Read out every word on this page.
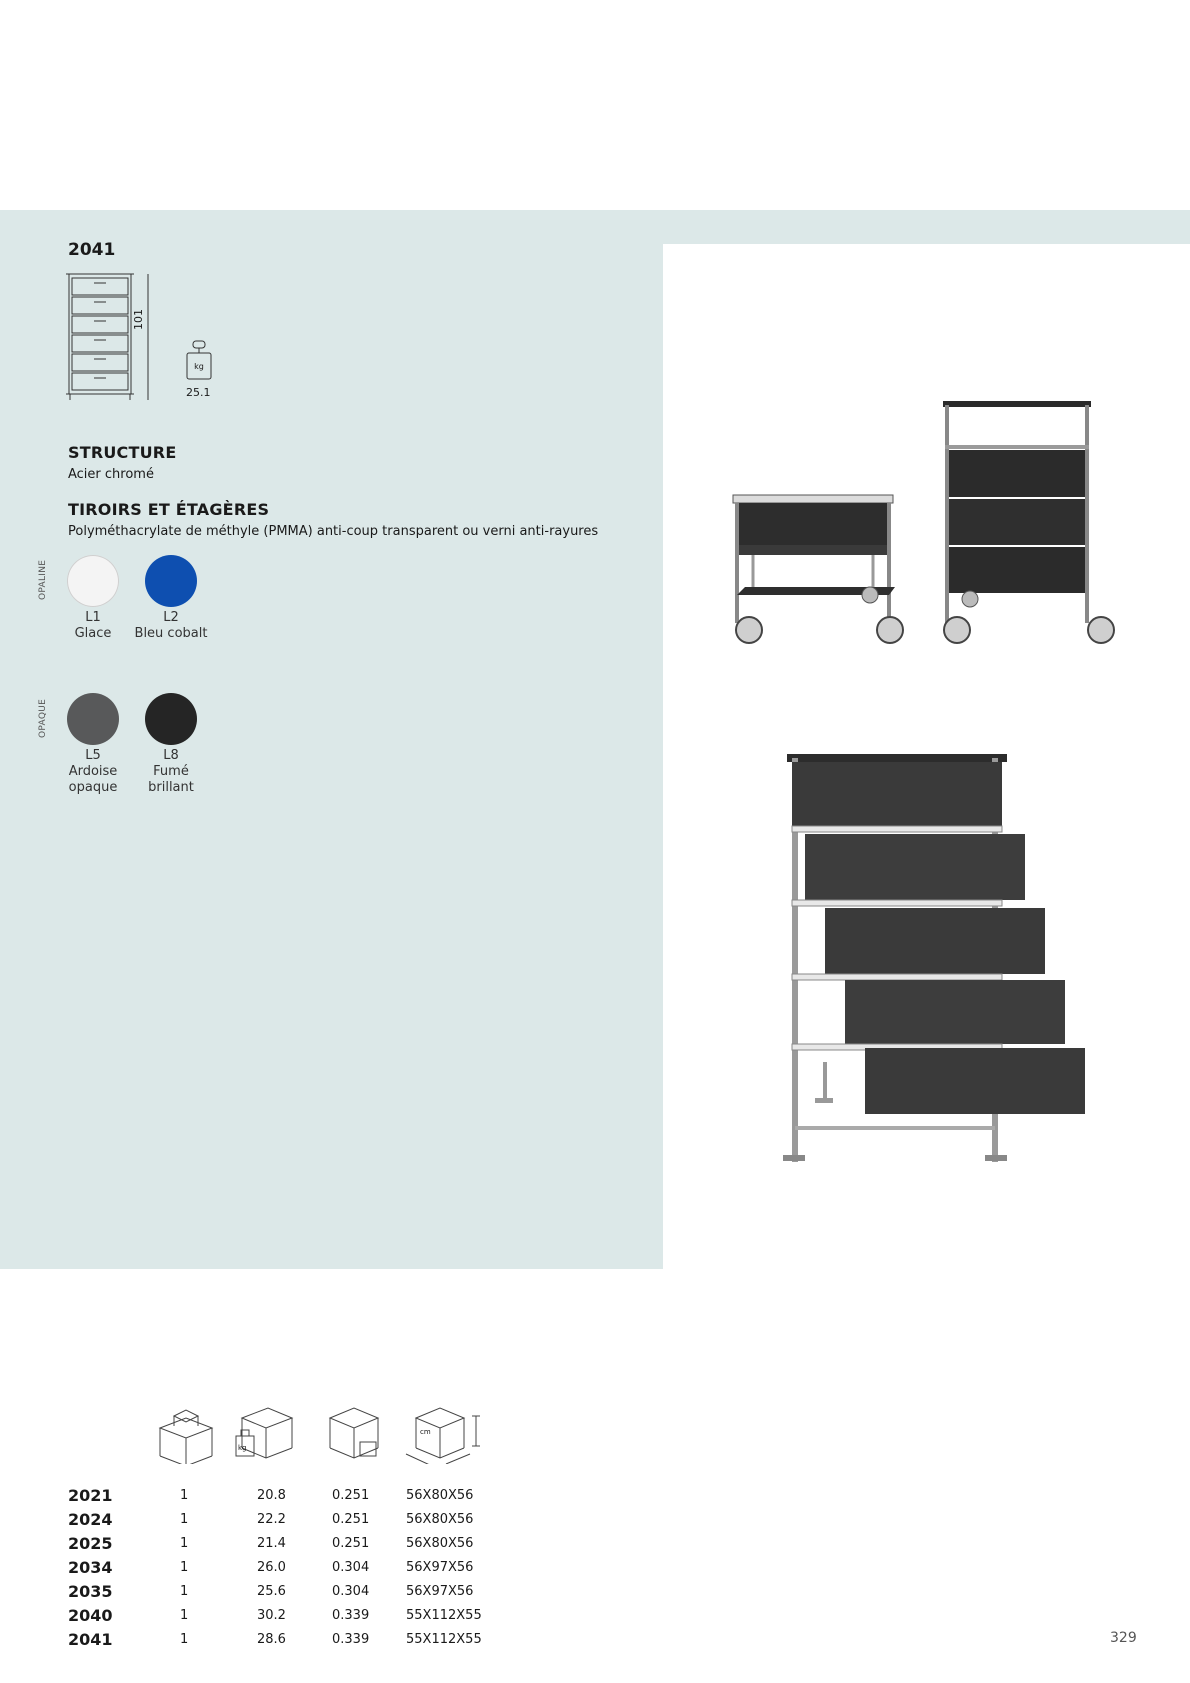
2041
101
kg
25.1
STRUCTURE
Acier chromé
TIROIRS ET ÉTAGÈRES
Polyméthacrylate de méthyle (PMMA) anti-coup transparent ou verni anti-rayures
OPALINE
OPAQUE
L1
Glace
L2
Bleu cobalt
L5
Ardoise opaque
L8
Fumé brillant
kg
cm
2021	1	20.8	0.251	56X80X56
2024	1	22.2	0.251	56X80X56
2025	1	21.4	0.251	56X80X56
2034	1	26.0	0.304	56X97X56
2035	1	25.6	0.304	56X97X56
2040	1	30.2	0.339	55X112X55
2041	1	28.6	0.339	55X112X55	329
